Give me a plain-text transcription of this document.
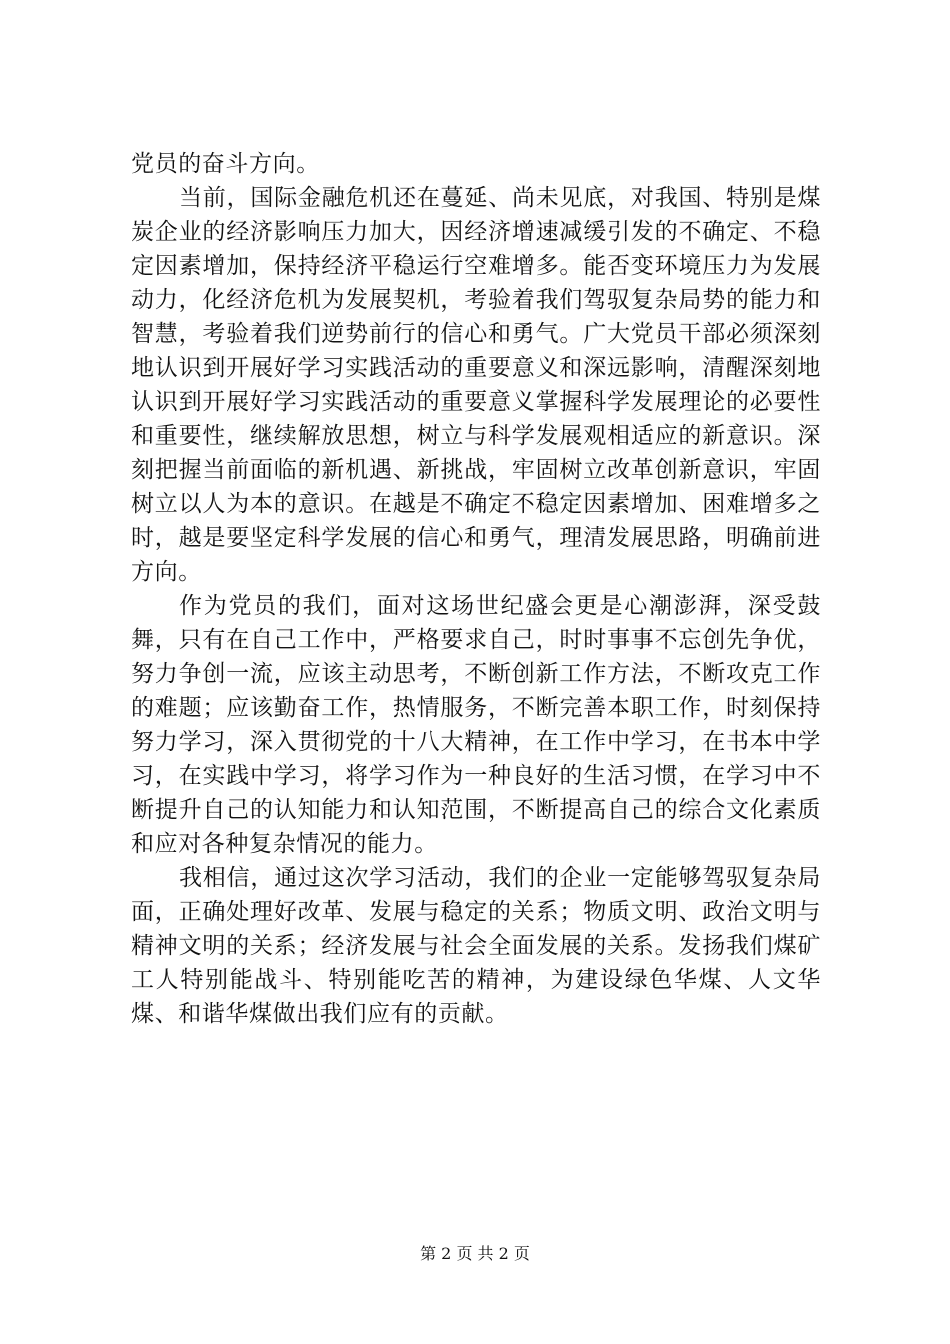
党员的奋斗方向。

当前，国际金融危机还在蔓延、尚未见底，对我国、特别是煤炭企业的经济影响压力加大，因经济增速减缓引发的不确定、不稳定因素增加，保持经济平稳运行空难增多。能否变环境压力为发展动力，化经济危机为发展契机，考验着我们驾驭复杂局势的能力和智慧，考验着我们逆势前行的信心和勇气。广大党员干部必须深刻地认识到开展好学习实践活动的重要意义和深远影响，清醒深刻地认识到开展好学习实践活动的重要意义掌握科学发展理论的必要性和重要性，继续解放思想，树立与科学发展观相适应的新意识。深刻把握当前面临的新机遇、新挑战，牢固树立改革创新意识，牢固树立以人为本的意识。在越是不确定不稳定因素增加、困难增多之时，越是要坚定科学发展的信心和勇气，理清发展思路，明确前进方向。

作为党员的我们，面对这场世纪盛会更是心潮澎湃，深受鼓舞，只有在自己工作中，严格要求自己，时时事事不忘创先争优，努力争创一流，应该主动思考，不断创新工作方法，不断攻克工作的难题；应该勤奋工作，热情服务，不断完善本职工作，时刻保持努力学习，深入贯彻党的十八大精神，在工作中学习，在书本中学习，在实践中学习，将学习作为一种良好的生活习惯，在学习中不断提升自己的认知能力和认知范围，不断提高自己的综合文化素质和应对各种复杂情况的能力。

我相信，通过这次学习活动，我们的企业一定能够驾驭复杂局面，正确处理好改革、发展与稳定的关系；物质文明、政治文明与精神文明的关系；经济发展与社会全面发展的关系。发扬我们煤矿工人特别能战斗、特别能吃苦的精神，为建设绿色华煤、人文华煤、和谐华煤做出我们应有的贡献。

第 2 页 共 2 页
